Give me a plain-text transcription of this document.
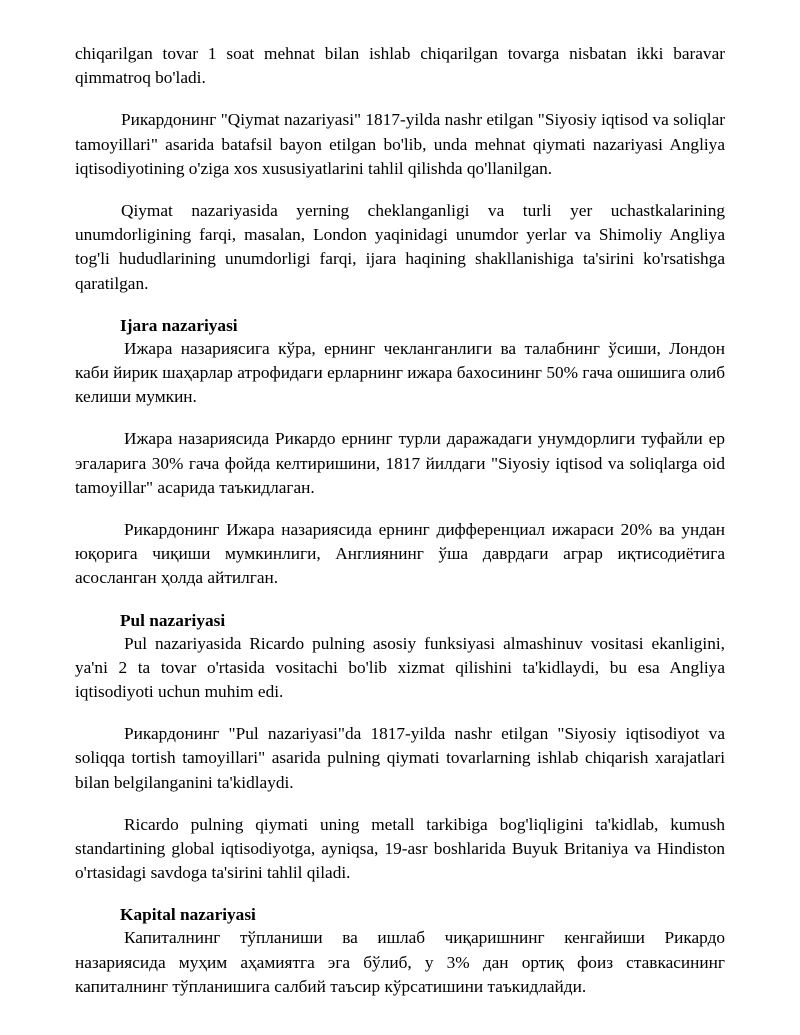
chiqarilgan tovar 1 soat mehnat bilan ishlab chiqarilgan tovarga nisbatan ikki baravar qimmatroq bo'ladi.

Рикардонинг "Qiymat nazariyasi" 1817-yilda nashr etilgan "Siyosiy iqtisod va soliqlar tamoyillari" asarida batafsil bayon etilgan bo'lib, unda mehnat qiymati nazariyasi Angliya iqtisodiyotining o'ziga xos xususiyatlarini tahlil qilishda qo'llanilgan.

Qiymat nazariyasida yerning cheklanganligi va turli yer uchastkalarining unumdorligining farqi, masalan, London yaqinidagi unumdor yerlar va Shimoliy Angliya tog'li hududlarining unumdorligi farqi, ijara haqining shakllanishiga ta'sirini ko'rsatishga qaratilgan.

Ijara nazariyasi

Ижара назариясига кўра, ернинг чекланганлиги ва талабнинг ўсиши, Лондон каби йирик шаҳарлар атрофидаги ерларнинг ижара бахосининг 50% гача ошишига олиб келиши мумкин.

Ижара назариясида Рикардо ернинг турли даражадаги унумдорлиги туфайли ер эгаларига 30% гача фойда келтиришини, 1817 йилдаги "Siyosiy iqtisod va soliqlarga oid tamoyillar" асарида таъкидлаган.

Рикардонинг Ижара назариясида ернинг дифференциал ижараси 20% ва ундан юқорига чиқиши мумкинлиги, Англиянинг ўша даврдаги аграр иқтисодиётига асосланган ҳолда айтилган.

Pul nazariyasi

Pul nazariyasida Ricardo pulning asosiy funksiyasi almashinuv vositasi ekanligini, ya'ni 2 ta tovar o'rtasida vositachi bo'lib xizmat qilishini ta'kidlaydi, bu esa Angliya iqtisodiyoti uchun muhim edi.

Рикардонинг "Pul nazariyasi"da 1817-yilda nashr etilgan "Siyosiy iqtisodiyot va soliqqa tortish tamoyillari" asarida pulning qiymati tovarlarning ishlab chiqarish xarajatlari bilan belgilanganini ta'kidlaydi.

Ricardo pulning qiymati uning metall tarkibiga bog'liqligini ta'kidlab, kumush standartining global iqtisodiyotga, ayniqsa, 19-asr boshlarida Buyuk Britaniya va Hindiston o'rtasidagi savdoga ta'sirini tahlil qiladi.

Kapital nazariyasi

Капиталнинг тўпланиши ва ишлаб чиқаришнинг кенгайиши Рикардо назариясида муҳим аҳамиятга эга бўлиб, у 3% дан ортиқ фоиз ставкасининг капиталнинг тўпланишига салбий таъсир кўрсатишини таъкидлайди.
